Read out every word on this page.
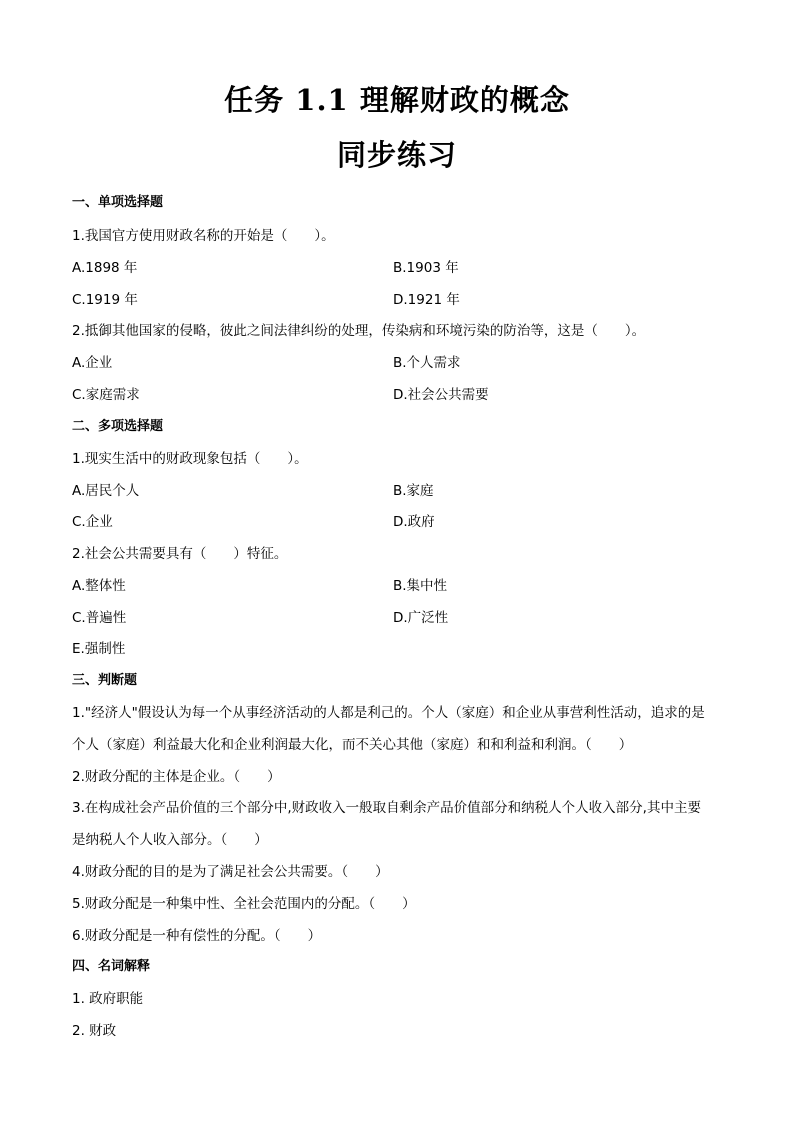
任务 1.1 理解财政的概念
同步练习
一、单项选择题
1.我国官方使用财政名称的开始是（　　）。
A.1898 年	B.1903 年
C.1919 年	D.1921 年
2.抵御其他国家的侵略，彼此之间法律纠纷的处理，传染病和环境污染的防治等，这是（　　）。
A.企业	B.个人需求
C.家庭需求	D.社会公共需要
二、多项选择题
1.现实生活中的财政现象包括（　　）。
A.居民个人	B.家庭
C.企业	D.政府
2.社会公共需要具有（　　）特征。
A.整体性	B.集中性
C.普遍性	D.广泛性
E.强制性
三、判断题
1."经济人"假设认为每一个从事经济活动的人都是利己的。个人（家庭）和企业从事营利性活动，追求的是
个人（家庭）利益最大化和企业利润最大化，而不关心其他（家庭）和和利益和利润。（　　）
2.财政分配的主体是企业。（　　）
3.在构成社会产品价值的三个部分中,财政收入一般取自剩余产品价值部分和纳税人个人收入部分,其中主要
是纳税人个人收入部分。（　　）
4.财政分配的目的是为了满足社会公共需要。（　　）
5.财政分配是一种集中性、全社会范围内的分配。（　　）
6.财政分配是一种有偿性的分配。（　　）
四、名词解释
1. 政府职能
2. 财政
